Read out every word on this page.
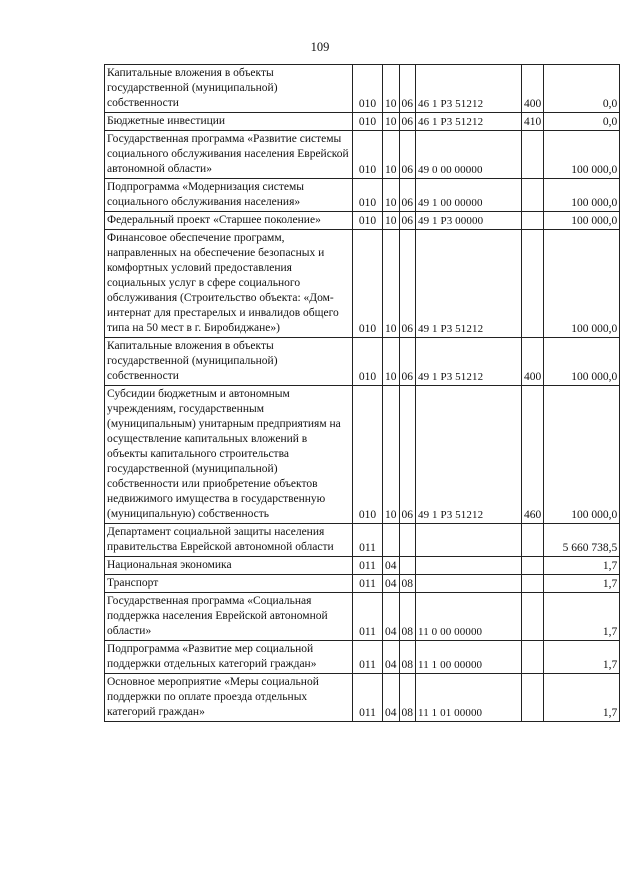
109
Капитальные вложения в объекты государственной (муниципальной) собственности	010	10	06	46 1 Р3 51212	400	0,0
Бюджетные инвестиции	010	10	06	46 1 Р3 51212	410	0,0
Государственная программа «Развитие системы социального обслуживания населения Еврейской автономной области»	010	10	06	49 0 00 00000		100 000,0
Подпрограмма «Модернизация системы социального обслуживания населения»	010	10	06	49 1 00 00000		100 000,0
Федеральный проект «Старшее поколение»	010	10	06	49 1 Р3 00000		100 000,0
Финансовое обеспечение программ, направленных на обеспечение безопасных и комфортных условий предоставления социальных услуг в сфере социального обслуживания (Строительство объекта: «Дом-интернат для престарелых и инвалидов общего типа на 50 мест в г. Биробиджане»)	010	10	06	49 1 Р3 51212		100 000,0
Капитальные вложения в объекты государственной (муниципальной) собственности	010	10	06	49 1 Р3 51212	400	100 000,0
Субсидии бюджетным и автономным учреждениям, государственным (муниципальным) унитарным предприятиям на осуществление капитальных вложений в объекты капитального строительства государственной (муниципальной) собственности или приобретение объектов недвижимого имущества в государственную (муниципальную) собственность	010	10	06	49 1 Р3 51212	460	100 000,0
Департамент социальной защиты населения правительства Еврейской автономной области	011					5 660 738,5
Национальная экономика	011	04				1,7
Транспорт	011	04	08			1,7
Государственная программа «Социальная поддержка населения Еврейской автономной области»	011	04	08	11 0 00 00000		1,7
Подпрограмма «Развитие мер социальной поддержки отдельных категорий граждан»	011	04	08	11 1 00 00000		1,7
Основное мероприятие «Меры социальной поддержки по оплате проезда отдельных категорий граждан»	011	04	08	11 1 01 00000		1,7
